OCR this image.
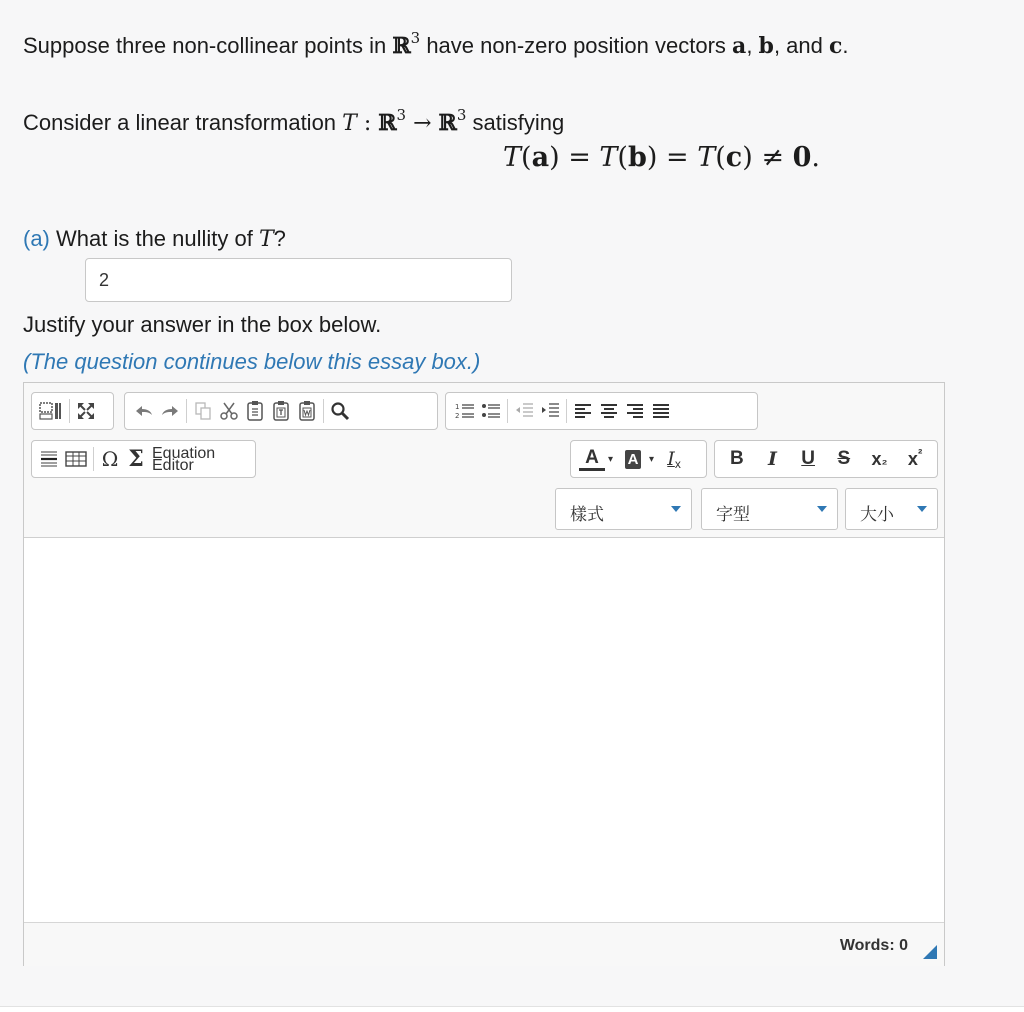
Suppose three non-collinear points in ℝ$^3$ have non-zero position vectors a, b, and c.
Consider a linear transformation T : ℝ$^3$ → ℝ$^3$ satisfying
T(a) = T(b) = T(c) ≠ 0.
(a) What is the nullity of T?
2
Justify your answer in the box below.
(The question continues below this essay box.)
1
2
Ω Σ Equation
Editor	A ▾ A	▾ I x	B	I	U	S	x ₂ x ²
樣式	字型	大小
Words: 0
